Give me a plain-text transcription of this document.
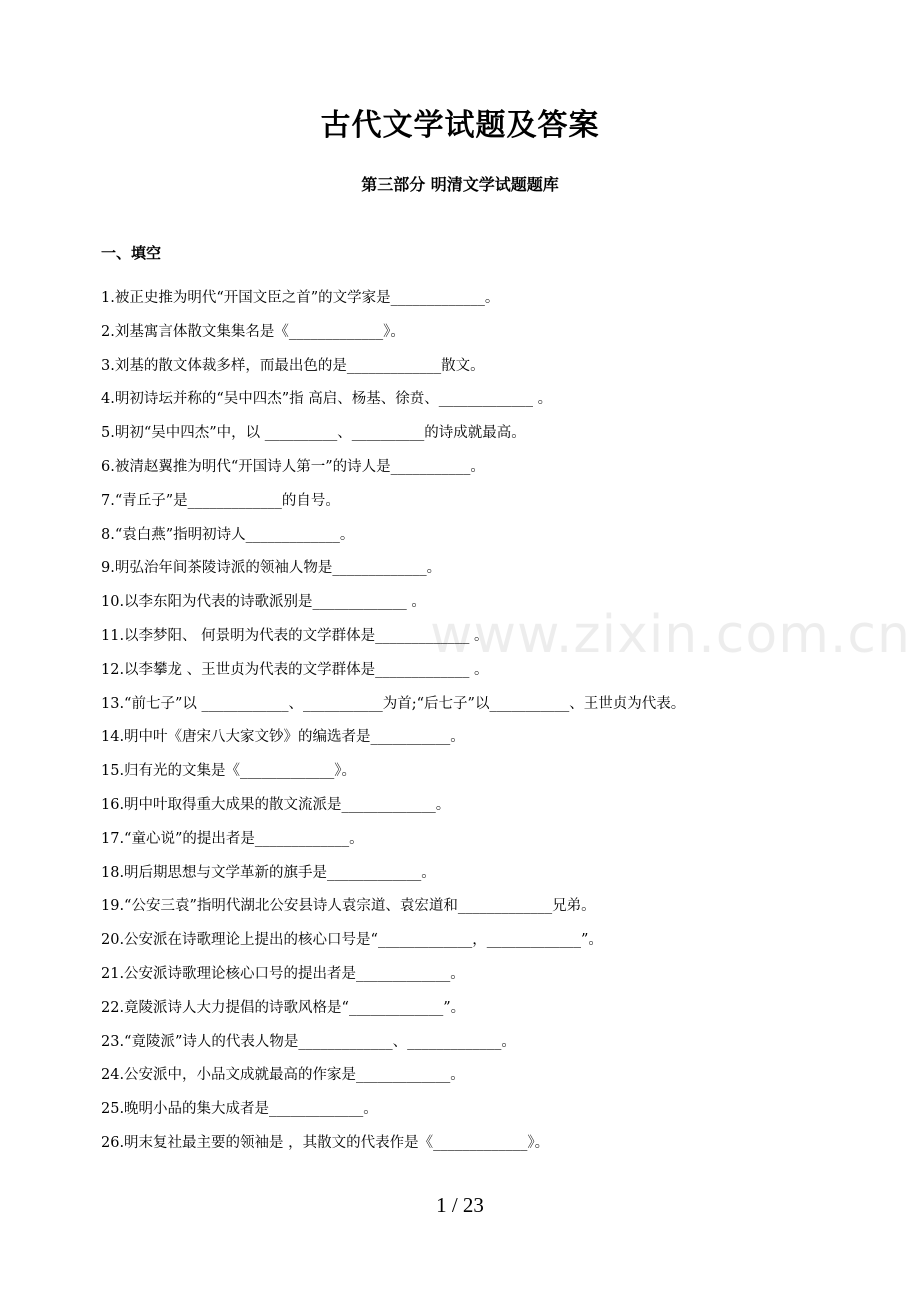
古代文学试题及答案
第三部分 明清文学试题题库
一、填空
1.被正史推为明代“开国文臣之首”的文学家是_____________。
2.刘基寓言体散文集集名是《_____________》。
3.刘基的散文体裁多样，而最出色的是_____________散文。
4.明初诗坛并称的“吴中四杰”指 高启、杨基、徐贲、_____________ 。
5.明初“吴中四杰”中，以 __________、__________的诗成就最高。
6.被清赵翼推为明代“开国诗人第一”的诗人是___________。
7.“青丘子”是_____________的自号。
8.“袁白燕”指明初诗人_____________。
9.明弘治年间茶陵诗派的领袖人物是_____________。
10.以李东阳为代表的诗歌派别是_____________ 。
11.以李梦阳、 何景明为代表的文学群体是_____________ 。
12.以李攀龙 、王世贞为代表的文学群体是_____________ 。
13.“前七子”以 ____________、___________为首;“后七子”以___________、王世贞为代表。
14.明中叶《唐宋八大家文钞》的编选者是___________。
15.归有光的文集是《_____________》。
16.明中叶取得重大成果的散文流派是_____________。
17.“童心说”的提出者是_____________。
18.明后期思想与文学革新的旗手是_____________。
19.“公安三袁”指明代湖北公安县诗人袁宗道、袁宏道和_____________兄弟。
20.公安派在诗歌理论上提出的核心口号是“_____________，_____________”。
21.公安派诗歌理论核心口号的提出者是_____________。
22.竟陵派诗人大力提倡的诗歌风格是“_____________”。
23.“竟陵派”诗人的代表人物是_____________、_____________。
24.公安派中，小品文成就最高的作家是_____________。
25.晚明小品的集大成者是_____________。
26.明末复社最主要的领袖是 ，其散文的代表作是《_____________》。
www.zixin.com.cn
1 / 23
